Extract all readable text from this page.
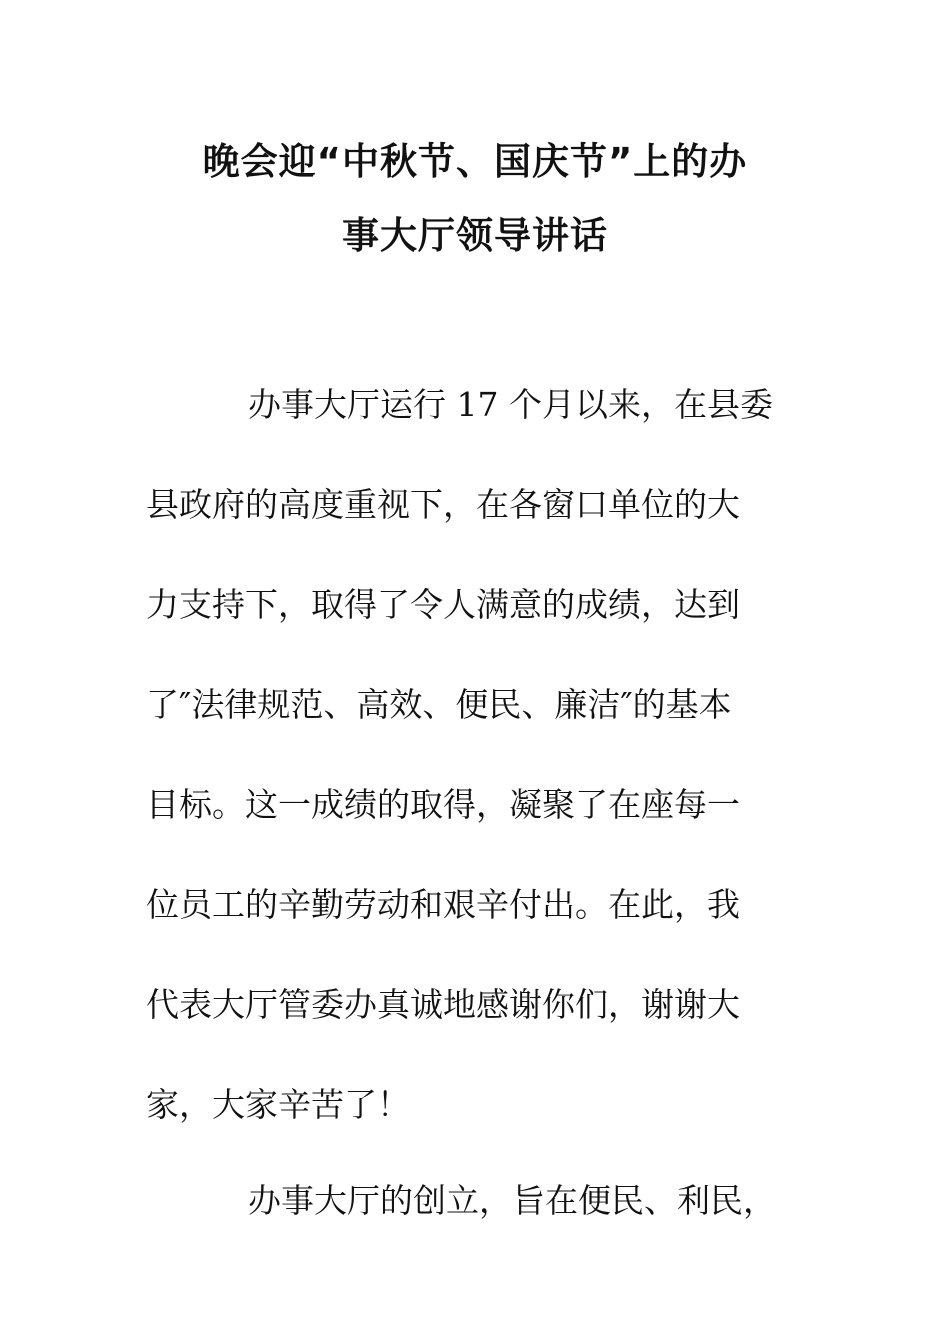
晚会迎“中秋节、国庆节”上的办
事大厅领导讲话
办事大厅运行 17 个月以来，在县委
县政府的高度重视下，在各窗口单位的大
力支持下，取得了令人满意的成绩，达到
了″法律规范、高效、便民、廉洁″的基本
目标。这一成绩的取得，凝聚了在座每一
位员工的辛勤劳动和艰辛付出。在此，我
代表大厅管委办真诚地感谢你们，谢谢大
家，大家辛苦了！
办事大厅的创立，旨在便民、利民，
